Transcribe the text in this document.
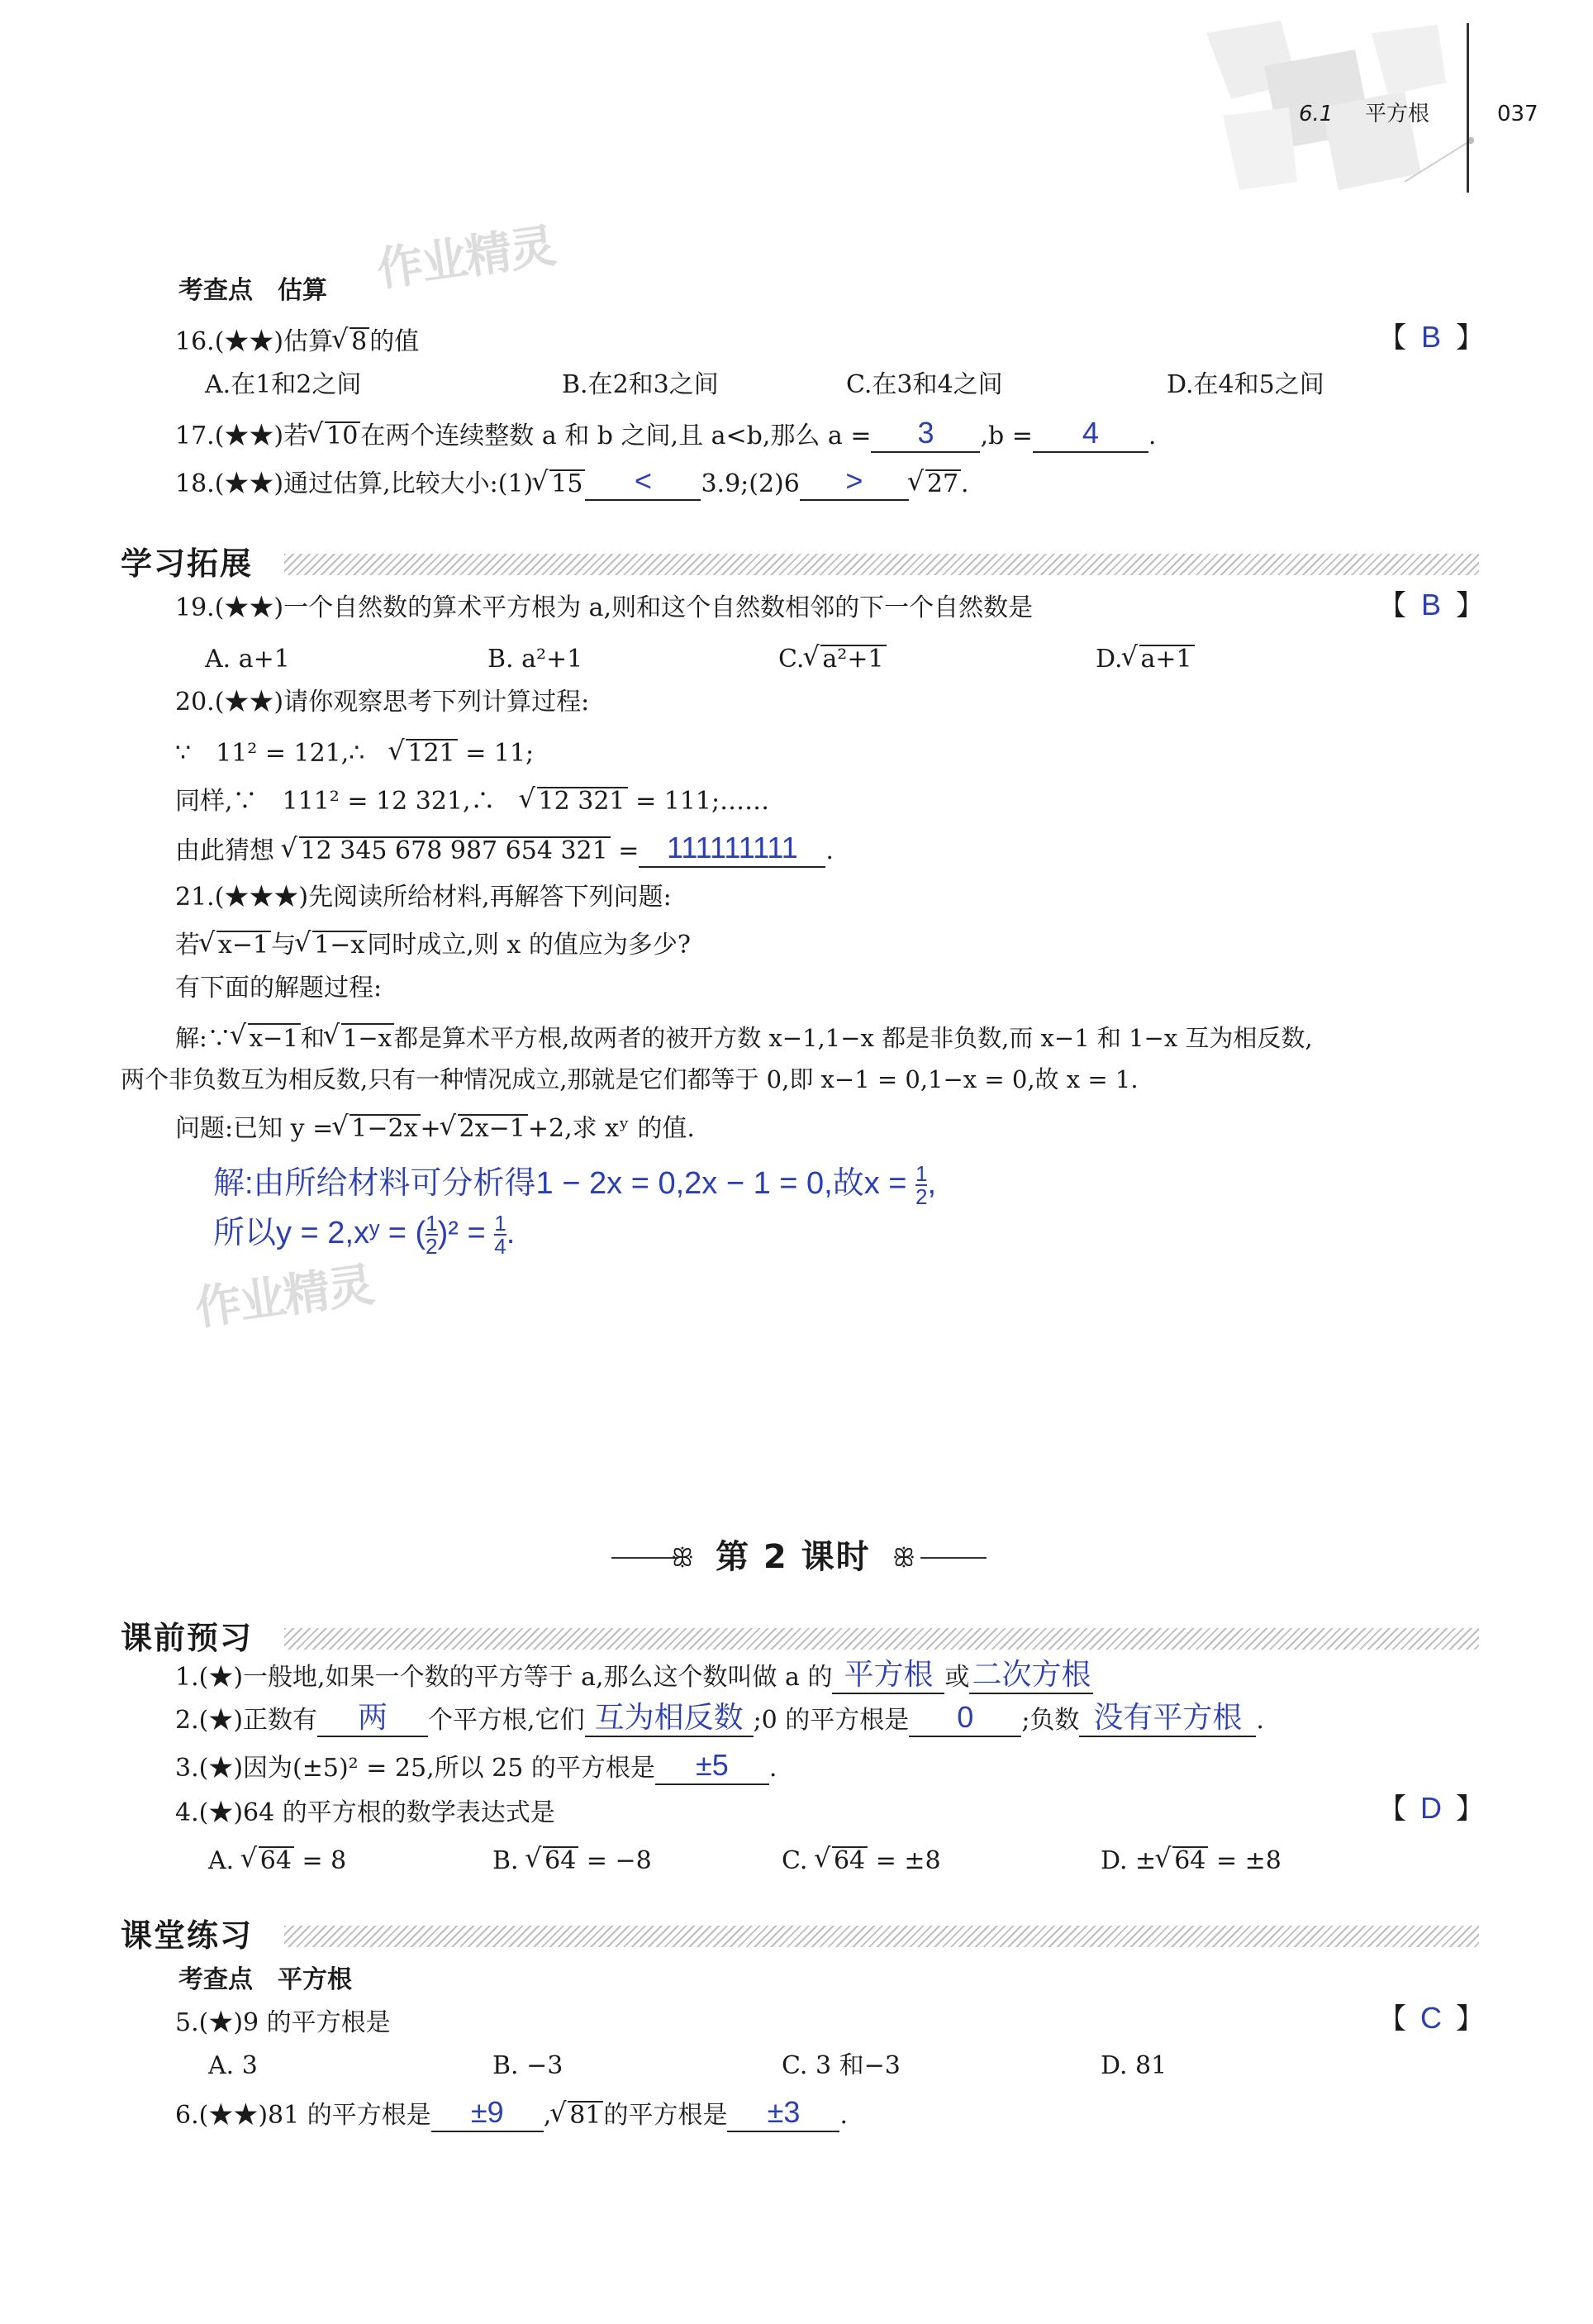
6.1 平方根	037
作业精灵
作业精灵
考查点　估算
16.(★★)估算 √ 8 的值	【 B 】
A.在1和2之间	B.在2和3之间	C.在3和4之间	D.在4和5之间
17.(★★)若 √ 10 在两个连续整数 a 和 b 之间,且 a<b,那么 a =	3	,b =	4	.
18.(★★)通过估算,比较大小:(1) √ 15	<	3.9;(2)6	>	√ 27 .
学习拓展
19.(★★)一个自然数的算术平方根为 a,则和这个自然数相邻的下一个自然数是	【 B 】
A. a+1	B. a²+1	C. √ a²+1	D. √ a+1
20.(★★)请你观察思考下列计算过程:
∵　11² = 121,∴　 √ 121 = 11;
同样,∵　111² = 12 321,∴　 √ 12 321 = 111;……
由此猜想 √ 12 345 678 987 654 321 = 111111111	.
21.(★★★)先阅读所给材料,再解答下列问题:
若 √ x−1 与 √ 1−x 同时成立,则 x 的值应为多少?
有下面的解题过程:
解:∵ √ x−1 和 √ 1−x 都是算术平方根,故两者的被开方数 x−1,1−x 都是非负数,而 x−1 和 1−x 互为相反数,
两个非负数互为相反数,只有一种情况成立,那就是它们都等于 0,即 x−1 = 0,1−x = 0,故 x = 1.
问题:已知 y = √ 1−2x + √ 2x−1 +2,求 xʸ 的值.
解:由所给材料可分析得1 − 2x = 0,2x − 1 = 0,故$x = \frac{1}{2}$ ,
所以y = 2,xʸ = ( $\frac{1}{2} )^2 = \frac{1}{4}$ .
ꕥ 第 2 课时 ꕥ
课前预习
1.(★)一般地,如果一个数的平方等于 a,那么这个数叫做 a 的 平方根 或 二次方根
2.(★)正数有	两	个平方根,它们 互为相反数 ;0 的平方根是	0	;负数 没有平方根 .
3.(★)因为(±5)² = 25,所以 25 的平方根是	±5	.
4.(★)64 的平方根的数学表达式是	【 D 】
A. √ 64 = 8	B. √ 64 = −8	C. √ 64 = ±8	D. ± √ 64 = ±8
课堂练习
考查点　平方根
5.(★)9 的平方根是	【 C 】
A. 3	B. −3	C. 3 和−3	D. 81
6.(★★)81 的平方根是	±9	, √ 81 的平方根是	±3	.
